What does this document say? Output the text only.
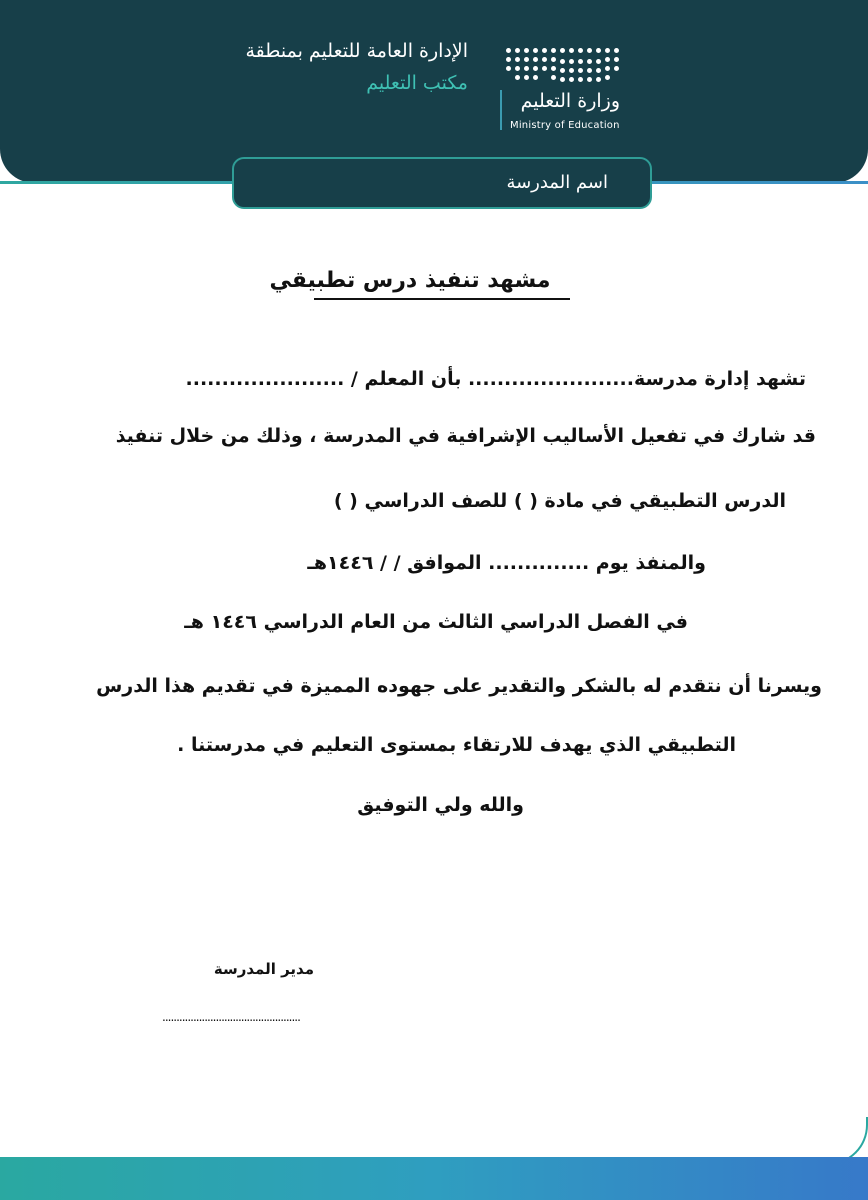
وزارة التعليم
Ministry of Education
الإدارة العامة للتعليم بمنطقة
مكتب التعليم
اسم المدرسة
مشهد تنفيذ درس تطبيقي
تشهد إدارة مدرسة....................... بأن المعلم / ......................
قد شارك في تفعيل الأساليب الإشرافية في المدرسة ، وذلك من خلال تنفيذ
الدرس التطبيقي في مادة ( ) للصف الدراسي ( )
والمنفذ يوم .............. الموافق / / ١٤٤٦هـ
في الفصل الدراسي الثالث من العام الدراسي ١٤٤٦ هـ
ويسرنا أن نتقدم له بالشكر والتقدير على جهوده المميزة في تقديم هذا الدرس
التطبيقي الذي يهدف للارتقاء بمستوى التعليم في مدرستنا .
والله ولي التوفيق
مدير المدرسة
.................................................
